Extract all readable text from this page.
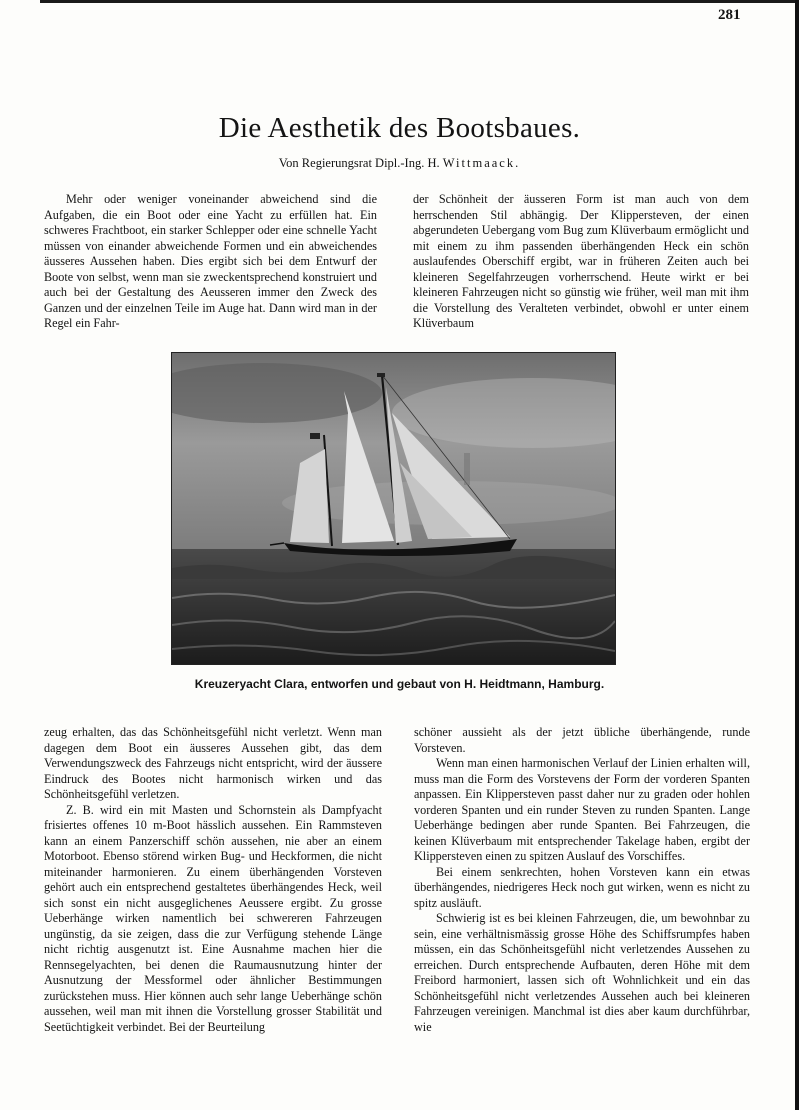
281
Die Aesthetik des Bootsbaues.
Von Regierungsrat Dipl.-Ing. H. Wittmaack.

Mehr oder weniger voneinander abweichend sind die Aufgaben, die ein Boot oder eine Yacht zu erfüllen hat. Ein schweres Frachtboot, ein starker Schlepper oder eine schnelle Yacht müssen von einander abweichende Formen und ein abweichendes äusseres Aussehen haben. Dies ergibt sich bei dem Entwurf der Boote von selbst, wenn man sie zweckentsprechend konstruiert und auch bei der Gestaltung des Aeusseren immer den Zweck des Ganzen und der einzelnen Teile im Auge hat. Dann wird man in der Regel ein Fahr-

der Schönheit der äusseren Form ist man auch von dem herrschenden Stil abhängig. Der Klippersteven, der einen abgerundeten Uebergang vom Bug zum Klüverbaum ermöglicht und mit einem zu ihm passenden überhängenden Heck ein schön auslaufendes Oberschiff ergibt, war in früheren Zeiten auch bei kleineren Segelfahrzeugen vorherrschend. Heute wirkt er bei kleineren Fahrzeugen nicht so günstig wie früher, weil man mit ihm die Vorstellung des Veralteten verbindet, obwohl er unter einem Klüverbaum

Kreuzeryacht Clara, entworfen und gebaut von H. Heidtmann, Hamburg.

zeug erhalten, das das Schönheitsgefühl nicht verletzt. Wenn man dagegen dem Boot ein äusseres Aussehen gibt, das dem Verwendungszweck des Fahrzeugs nicht entspricht, wird der äussere Eindruck des Bootes nicht harmonisch wirken und das Schönheitsgefühl verletzen.

Z. B. wird ein mit Masten und Schornstein als Dampfyacht frisiertes offenes 10 m-Boot hässlich aussehen. Ein Rammsteven kann an einem Panzerschiff schön aussehen, nie aber an einem Motorboot. Ebenso störend wirken Bug- und Heckformen, die nicht miteinander harmonieren. Zu einem überhängenden Vorsteven gehört auch ein entsprechend gestaltetes überhängendes Heck, weil sich sonst ein nicht ausgeglichenes Aeussere ergibt. Zu grosse Ueberhänge wirken namentlich bei schwereren Fahrzeugen ungünstig, da sie zeigen, dass die zur Verfügung stehende Länge nicht richtig ausgenutzt ist. Eine Ausnahme machen hier die Rennsegelyachten, bei denen die Raumausnutzung hinter der Ausnutzung der Messformel oder ähnlicher Bestimmungen zurückstehen muss. Hier können auch sehr lange Ueberhänge schön aussehen, weil man mit ihnen die Vorstellung grosser Stabilität und Seetüchtigkeit verbindet. Bei der Beurteilung

schöner aussieht als der jetzt übliche überhängende, runde Vorsteven.

Wenn man einen harmonischen Verlauf der Linien erhalten will, muss man die Form des Vorstevens der Form der vorderen Spanten anpassen. Ein Klippersteven passt daher nur zu graden oder hohlen vorderen Spanten und ein runder Steven zu runden Spanten. Lange Ueberhänge bedingen aber runde Spanten. Bei Fahrzeugen, die keinen Klüverbaum mit entsprechender Takelage haben, ergibt der Klippersteven einen zu spitzen Auslauf des Vorschiffes.

Bei einem senkrechten, hohen Vorsteven kann ein etwas überhängendes, niedrigeres Heck noch gut wirken, wenn es nicht zu spitz ausläuft.

Schwierig ist es bei kleinen Fahrzeugen, die, um bewohnbar zu sein, eine verhältnismässig grosse Höhe des Schiffsrumpfes haben müssen, ein das Schönheitsgefühl nicht verletzendes Aussehen zu erreichen. Durch entsprechende Aufbauten, deren Höhe mit dem Freibord harmoniert, lassen sich oft Wohnlichkeit und ein das Schönheitsgefühl nicht verletzendes Aussehen auch bei kleineren Fahrzeugen vereinigen. Manchmal ist dies aber kaum durchführbar, wie
